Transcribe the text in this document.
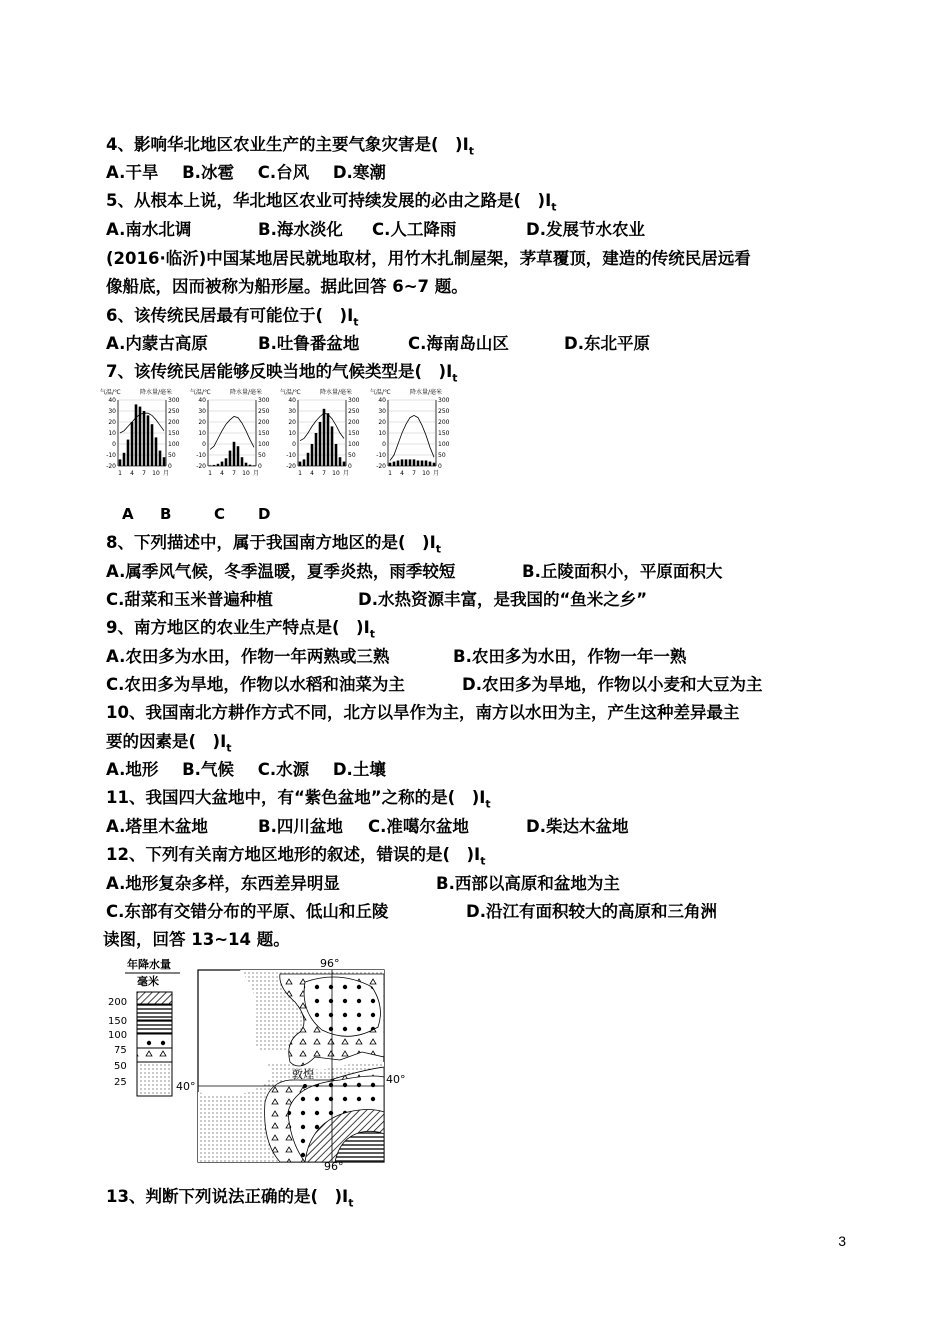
4、影响华北地区农业生产的主要气象灾害是(　)$I_t$
A.干旱 B.冰雹 C.台风 D.寒潮
5、从根本上说，华北地区农业可持续发展的必由之路是(　)$I_t$
A.南水北调	B.海水淡化 C.人工降雨	D.发展节水农业
(2016·临沂)中国某地居民就地取材，用竹木扎制屋架，茅草覆顶，建造的传统民居远看
像船底，因而被称为船形屋。据此回答 6~7 题。
6、该传统民居最有可能位于(　)$I_t$
A.内蒙古高原	B.吐鲁番盆地	C.海南岛山区	D.东北平原
7、该传统民居能够反映当地的气候类型是(　)$I_t$
气温/℃	降水量/毫米
40	300
30	250
20	200
10	150
0	100
-10	50
-20	0
1 4 7 10 月
气温/℃	降水量/毫米
40	300
30	250
20	200
10	150
0	100
-10	50
-20	0
1 4 7 10 月
气温/℃	降水量/毫米
40	300
30	250
20	200
10	150
0	100
-10	50
-20	0
1 4 7 10 月
气温/℃	降水量/毫米
40	300
30	250
20	200
10	150
0	100
-10	50
-20	0
1 4 7 10 月
A B	C D
8、下列描述中，属于我国南方地区的是(　)$I_t$
A.属季风气候，冬季温暖，夏季炎热，雨季较短	B.丘陵面积小，平原面积大
C.甜菜和玉米普遍种植	D.水热资源丰富，是我国的“鱼米之乡”
9、南方地区的农业生产特点是(　)$I_t$
A.农田多为水田，作物一年两熟或三熟	B.农田多为水田，作物一年一熟
C.农田多为旱地，作物以水稻和油菜为主	D.农田多为旱地，作物以小麦和大豆为主
10、我国南北方耕作方式不同，北方以旱作为主，南方以水田为主，产生这种差异最主
要的因素是(　)$I_t$
A.地形 B.气候 C.水源 D.土壤
11、我国四大盆地中，有“紫色盆地”之称的是(　)$I_t$
A.塔里木盆地	B.四川盆地 C.准噶尔盆地	D.柴达木盆地
12、下列有关南方地区地形的叙述，错误的是(　)$I_t$
A.地形复杂多样，东西差异明显	B.西部以高原和盆地为主
C.东部有交错分布的平原、低山和丘陵	D.沿江有面积较大的高原和三角洲
读图，回答 13~14 题。
年降水量
毫米
200
150
100
75
50
25
96°
96°
40°
40°
敦煌
13、判断下列说法正确的是(　)$I_t$
3
